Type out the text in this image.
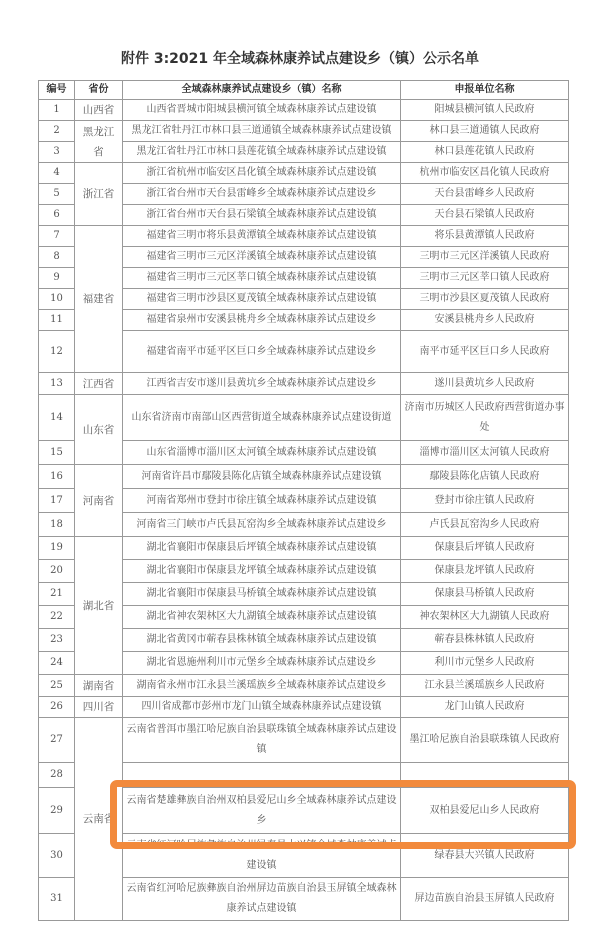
附件 3:2021 年全域森林康养试点建设乡（镇）公示名单
编号	省份	全域森林康养试点建设乡（镇）名称	申报单位名称
1	山西省	山西省晋城市阳城县横河镇全域森林康养试点建设镇	阳城县横河镇人民政府
2	黑龙江省	黑龙江省牡丹江市林口县三道通镇全域森林康养试点建设镇	林口县三道通镇人民政府
3		黑龙江省牡丹江市林口县莲花镇全域森林康养试点建设镇	林口县莲花镇人民政府
4	浙江省	浙江省杭州市临安区昌化镇全域森林康养试点建设镇	杭州市临安区昌化镇人民政府
5		浙江省台州市天台县雷峰乡全域森林康养试点建设乡	天台县雷峰乡人民政府
6		浙江省台州市天台县石梁镇全域森林康养试点建设镇	天台县石梁镇人民政府
7	福建省	福建省三明市将乐县黄潭镇全域森林康养试点建设镇	将乐县黄潭镇人民政府
8		福建省三明市三元区洋溪镇全域森林康养试点建设镇	三明市三元区洋溪镇人民政府
9		福建省三明市三元区莘口镇全域森林康养试点建设镇	三明市三元区莘口镇人民政府
10		福建省三明市沙县区夏茂镇全域森林康养试点建设镇	三明市沙县区夏茂镇人民政府
11		福建省泉州市安溪县桃舟乡全域森林康养试点建设乡	安溪县桃舟乡人民政府
12		福建省南平市延平区巨口乡全域森林康养试点建设乡	南平市延平区巨口乡人民政府
13	江西省	江西省吉安市遂川县黄坑乡全域森林康养试点建设乡	遂川县黄坑乡人民政府
14	山东省	山东省济南市南部山区西营街道全域森林康养试点建设街道	济南市历城区人民政府西营街道办事处
15		山东省淄博市淄川区太河镇全域森林康养试点建设镇	淄博市淄川区太河镇人民政府
16	河南省	河南省许昌市鄢陵县陈化店镇全域森林康养试点建设镇	鄢陵县陈化店镇人民政府
17		河南省郑州市登封市徐庄镇全域森林康养试点建设镇	登封市徐庄镇人民政府
18		河南省三门峡市卢氏县瓦窑沟乡全域森林康养试点建设乡	卢氏县瓦窑沟乡人民政府
19	湖北省	湖北省襄阳市保康县后坪镇全域森林康养试点建设镇	保康县后坪镇人民政府
20		湖北省襄阳市保康县龙坪镇全域森林康养试点建设镇	保康县龙坪镇人民政府
21		湖北省襄阳市保康县马桥镇全域森林康养试点建设镇	保康县马桥镇人民政府
22		湖北省神农架林区大九湖镇全域森林康养试点建设镇	神农架林区大九湖镇人民政府
23		湖北省黄冈市蕲春县株林镇全域森林康养试点建设镇	蕲春县株林镇人民政府
24		湖北省恩施州利川市元堡乡全域森林康养试点建设乡	利川市元堡乡人民政府
25	湖南省	湖南省永州市江永县兰溪瑶族乡全域森林康养试点建设乡	江永县兰溪瑶族乡人民政府
26	四川省	四川省成都市彭州市龙门山镇全域森林康养试点建设镇	龙门山镇人民政府
27	云南省	云南省普洱市墨江哈尼族自治县联珠镇全域森林康养试点建设镇	墨江哈尼族自治县联珠镇人民政府
28			
29		云南省楚雄彝族自治州双柏县爱尼山乡全域森林康养试点建设乡	双柏县爱尼山乡人民政府
30		云南省红河哈尼族彝族自治州绿春县大兴镇全域森林康养试点建设镇	绿春县大兴镇人民政府
31		云南省红河哈尼族彝族自治州屏边苗族自治县玉屏镇全域森林康养试点建设镇	屏边苗族自治县玉屏镇人民政府
